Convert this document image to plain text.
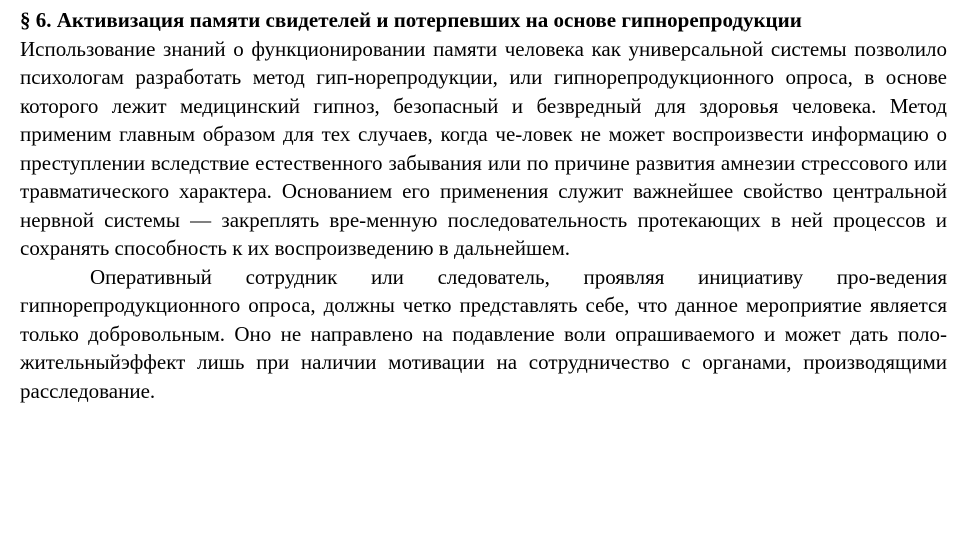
§ 6. Активизация памяти свидетелей и потерпевших на основе гипнорепродукции

Использование знаний о функционировании памяти человека как универсальной системы позволило психологам разработать метод гип-норепродукции, или гипнорепродукционного опроса, в основе которого лежит медицинский гипноз, безопасный и безвредный для здоровья человека. Метод применим главным образом для тех случаев, когда че-ловек не может воспроизвести информацию о преступлении вследствие естественного забывания или по причине развития амнезии стрессового или травматического характера. Основанием его применения служит важнейшее свойство центральной нервной системы — закреплять вре-менную последовательность протекающих в ней процессов и сохранять способность к их воспроизведению в дальнейшем.

Оперативный сотрудник или следователь, проявляя инициативу про-ведения гипнорепродукционного опроса, должны четко представлять себе, что данное мероприятие является только добровольным. Оно не направлено на подавление воли опрашиваемого и может дать поло-жительныйэффект лишь при наличии мотивации на сотрудничество с органами, производящими расследование.
